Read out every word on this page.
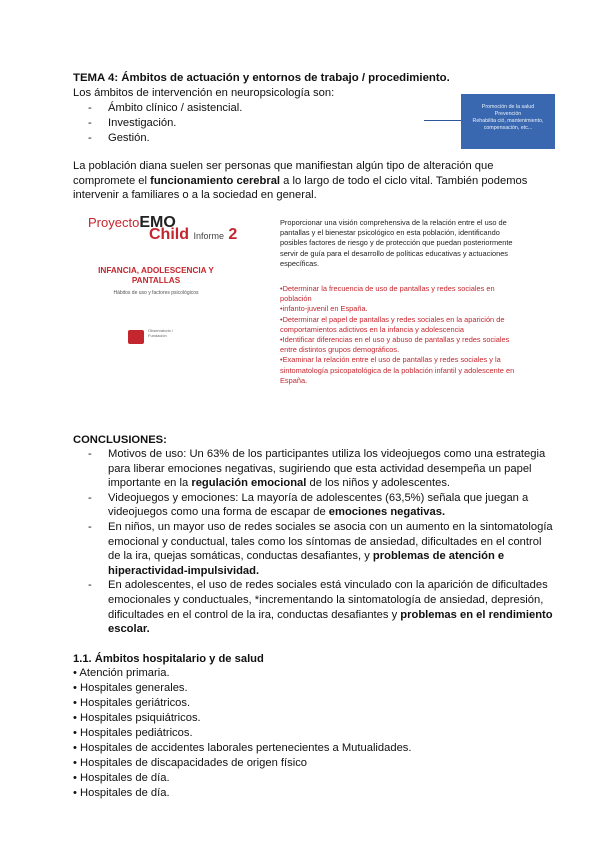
TEMA 4: Ámbitos de actuación y entornos de trabajo / procedimiento.
Los ámbitos de intervención en neuropsicología son:
- Ámbito clínico / asistencial.
- Investigación.
- Gestión.
Promoción de la salud
Prevención
Rehabilita ció, mantenimiento,
compensación, etc...

La población diana suelen ser personas que manifiestan algún tipo de alteración que compromete el funcionamiento cerebral a lo largo de todo el ciclo vital. También podemos intervenir a familiares o a la sociedad en general.

ProyectoEMO
Child Informe 2
INFANCIA, ADOLESCENCIA Y PANTALLAS
Hábitos de uso y factores psicológicos
Observatorio / Fundación
Proporcionar una visión comprehensiva de la relación entre el uso de pantallas y el bienestar psicológico en esta población, identificando posibles factores de riesgo y de protección que puedan posteriormente servir de guía para el desarrollo de políticas educativas y actuaciones específicas.
•Determinar la frecuencia de uso de pantallas y redes sociales en población
•infanto-juvenil en España.
•Determinar el papel de pantallas y redes sociales en la aparición de comportamientos adictivos en la infancia y adolescencia
•Identificar diferencias en el uso y abuso de pantallas y redes sociales entre distintos grupos demográficos.
•Examinar la relación entre el uso de pantallas y redes sociales y la sintomatología psicopatológica de la población infantil y adolescente en España.
CONCLUSIONES:
- Motivos de uso: Un 63% de los participantes utiliza los videojuegos como una estrategia para liberar emociones negativas, sugiriendo que esta actividad desempeña un papel importante en la regulación emocional de los niños y adolescentes.
- Videojuegos y emociones: La mayoría de adolescentes (63,5%) señala que juegan a videojuegos como una forma de escapar de emociones negativas.
- En niños, un mayor uso de redes sociales se asocia con un aumento en la sintomatología emocional y conductual, tales como los síntomas de ansiedad, dificultades en el control de la ira, quejas somáticas, conductas desafiantes, y problemas de atención e hiperactividad-impulsividad.
- En adolescentes, el uso de redes sociales está vinculado con la aparición de dificultades emocionales y conductuales, *incrementando la sintomatología de ansiedad, depresión, dificultades en el control de la ira, conductas desafiantes y problemas en el rendimiento escolar.
1.1. Ámbitos hospitalario y de salud
• Atención primaria.
• Hospitales generales.
• Hospitales geriátricos.
• Hospitales psiquiátricos.
• Hospitales pediátricos.
• Hospitales de accidentes laborales pertenecientes a Mutualidades.
• Hospitales de discapacidades de origen físico
• Hospitales de día.
• Hospitales de día.
